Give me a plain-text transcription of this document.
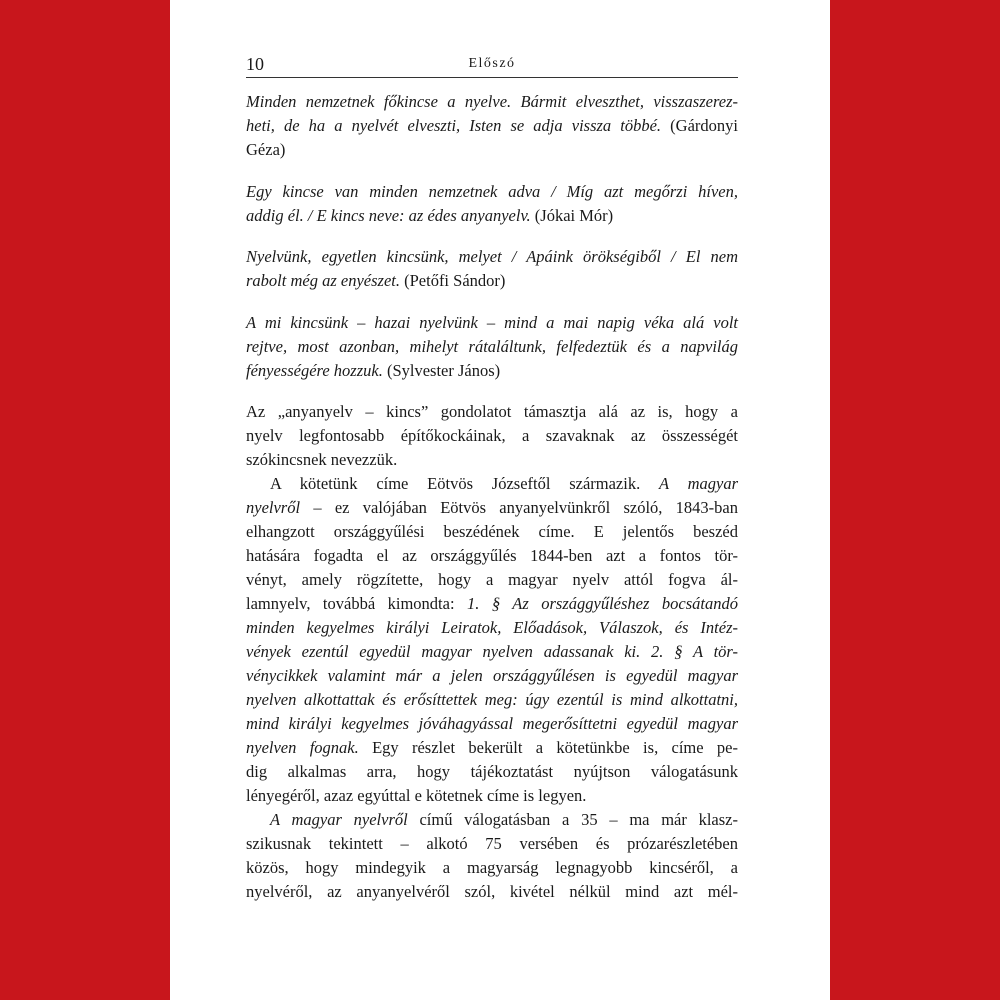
10	Előszó
Minden nemzetnek főkincse a nyelve. Bármit elveszthet, visszaszerez-
heti, de ha a nyelvét elveszti, Isten se adja vissza többé. (Gárdonyi
Géza)
Egy kincse van minden nemzetnek adva / Míg azt megőrzi híven,
addig él. / E kincs neve: az édes anyanyelv. (Jókai Mór)
Nyelvünk, egyetlen kincsünk, melyet / Apáink örökségiből / El nem
rabolt még az enyészet. (Petőfi Sándor)
A mi kincsünk – hazai nyelvünk – mind a mai napig véka alá volt
rejtve, most azonban, mihelyt rátaláltunk, felfedeztük és a napvilág
fényességére hozzuk. (Sylvester János)
Az „anyanyelv – kincs” gondolatot támasztja alá az is, hogy a
nyelv legfontosabb építőkockáinak, a szavaknak az összességét
szókincsnek nevezzük.
A kötetünk címe Eötvös Józseftől származik. A magyar
nyelvről – ez valójában Eötvös anyanyelvünkről szóló, 1843-ban
elhangzott országgyűlési beszédének címe. E jelentős beszéd
hatására fogadta el az országgyűlés 1844-ben azt a fontos tör-
vényt, amely rögzítette, hogy a magyar nyelv attól fogva ál-
lamnyelv, továbbá kimondta: 1. § Az országgyűléshez bocsátandó
minden kegyelmes királyi Leiratok, Előadások, Válaszok, és Intéz-
vények ezentúl egyedül magyar nyelven adassanak ki. 2. § A tör-
vénycikkek valamint már a jelen országgyűlésen is egyedül magyar
nyelven alkottattak és erősíttettek meg: úgy ezentúl is mind alkottatni,
mind királyi kegyelmes jóváhagyással megerősíttetni egyedül magyar
nyelven fognak. Egy részlet bekerült a kötetünkbe is, címe pe-
dig alkalmas arra, hogy tájékoztatást nyújtson válogatásunk
lényegéről, azaz egyúttal e kötetnek címe is legyen.
A magyar nyelvről című válogatásban a 35 – ma már klasz-
szikusnak tekintett – alkotó 75 versében és prózarészletében
közös, hogy mindegyik a magyarság legnagyobb kincséről, a
nyelvéről, az anyanyelvéről szól, kivétel nélkül mind azt mél-
